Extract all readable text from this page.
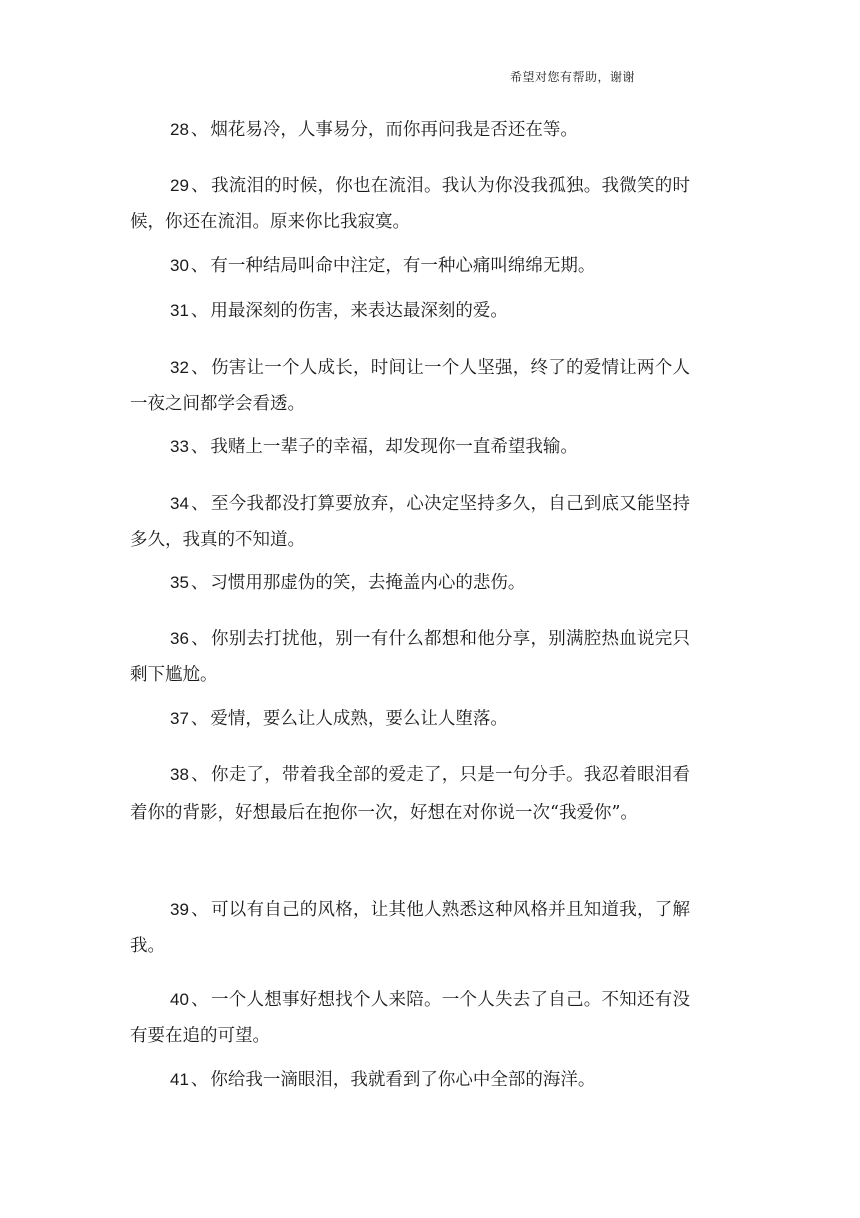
希望对您有帮助，谢谢

28 、 烟花易冷，人事易分，而你再问我是否还在等。

29 、 我流泪的时候，你也在流泪。我认为你没我孤独。我微笑的时候，你还在流泪。原来你比我寂寞。

30 、 有一种结局叫命中注定，有一种心痛叫绵绵无期。

31 、 用最深刻的伤害，来表达最深刻的爱。

32 、 伤害让一个人成长，时间让一个人坚强，终了的爱情让两个人一夜之间都学会看透。

33 、 我赌上一辈子的幸福，却发现你一直希望我输。

34 、 至今我都没打算要放弃，心决定坚持多久，自己到底又能坚持多久，我真的不知道。

35 、 习惯用那虚伪的笑，去掩盖内心的悲伤。

36 、 你别去打扰他，别一有什么都想和他分享，别满腔热血说完只剩下尴尬。

37 、 爱情，要么让人成熟，要么让人堕落。

38 、 你走了，带着我全部的爱走了，只是一句分手。我忍着眼泪看着你的背影，好想最后在抱你一次，好想在对你说一次“我爱你”。

39 、 可以有自己的风格，让其他人熟悉这种风格并且知道我，了解我。

40 、 一个人想事好想找个人来陪。一个人失去了自己。不知还有没有要在追的可望。

41 、 你给我一滴眼泪，我就看到了你心中全部的海洋。
